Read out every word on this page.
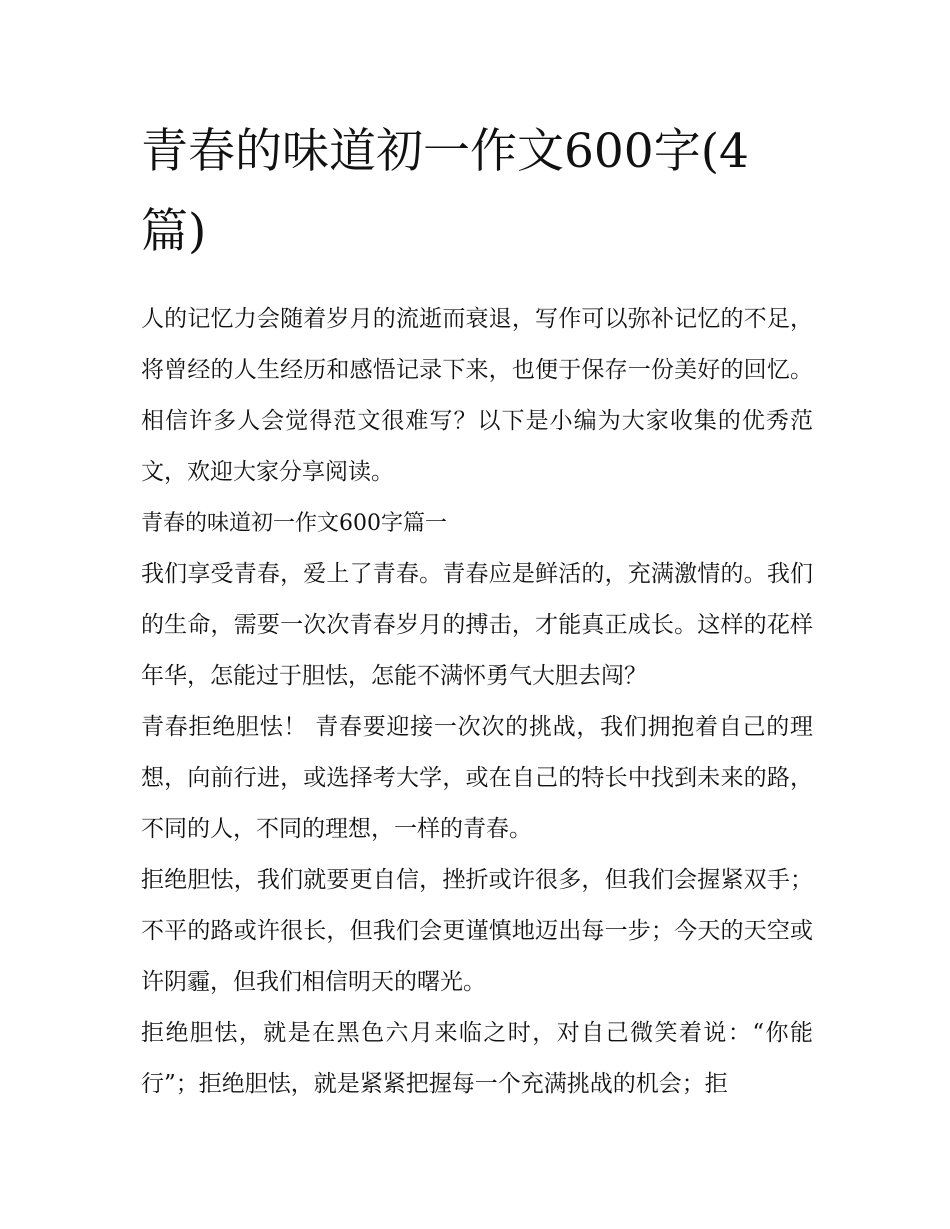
青春的味道初一作文600字(4篇)

人的记忆力会随着岁月的流逝而衰退，写作可以弥补记忆的不足，将曾经的人生经历和感悟记录下来，也便于保存一份美好的回忆。相信许多人会觉得范文很难写？以下是小编为大家收集的优秀范文，欢迎大家分享阅读。

青春的味道初一作文600字篇一

我们享受青春，爱上了青春。青春应是鲜活的，充满激情的。我们的生命，需要一次次青春岁月的搏击，才能真正成长。这样的花样年华，怎能过于胆怯，怎能不满怀勇气大胆去闯？

青春拒绝胆怯！ 青春要迎接一次次的挑战，我们拥抱着自己的理想，向前行进，或选择考大学，或在自己的特长中找到未来的路，不同的人，不同的理想，一样的青春。

拒绝胆怯，我们就要更自信，挫折或许很多，但我们会握紧双手；不平的路或许很长，但我们会更谨慎地迈出每一步；今天的天空或许阴霾，但我们相信明天的曙光。

拒绝胆怯，就是在黑色六月来临之时，对自己微笑着说：“你能行”；拒绝胆怯，就是紧紧把握每一个充满挑战的机会；拒
